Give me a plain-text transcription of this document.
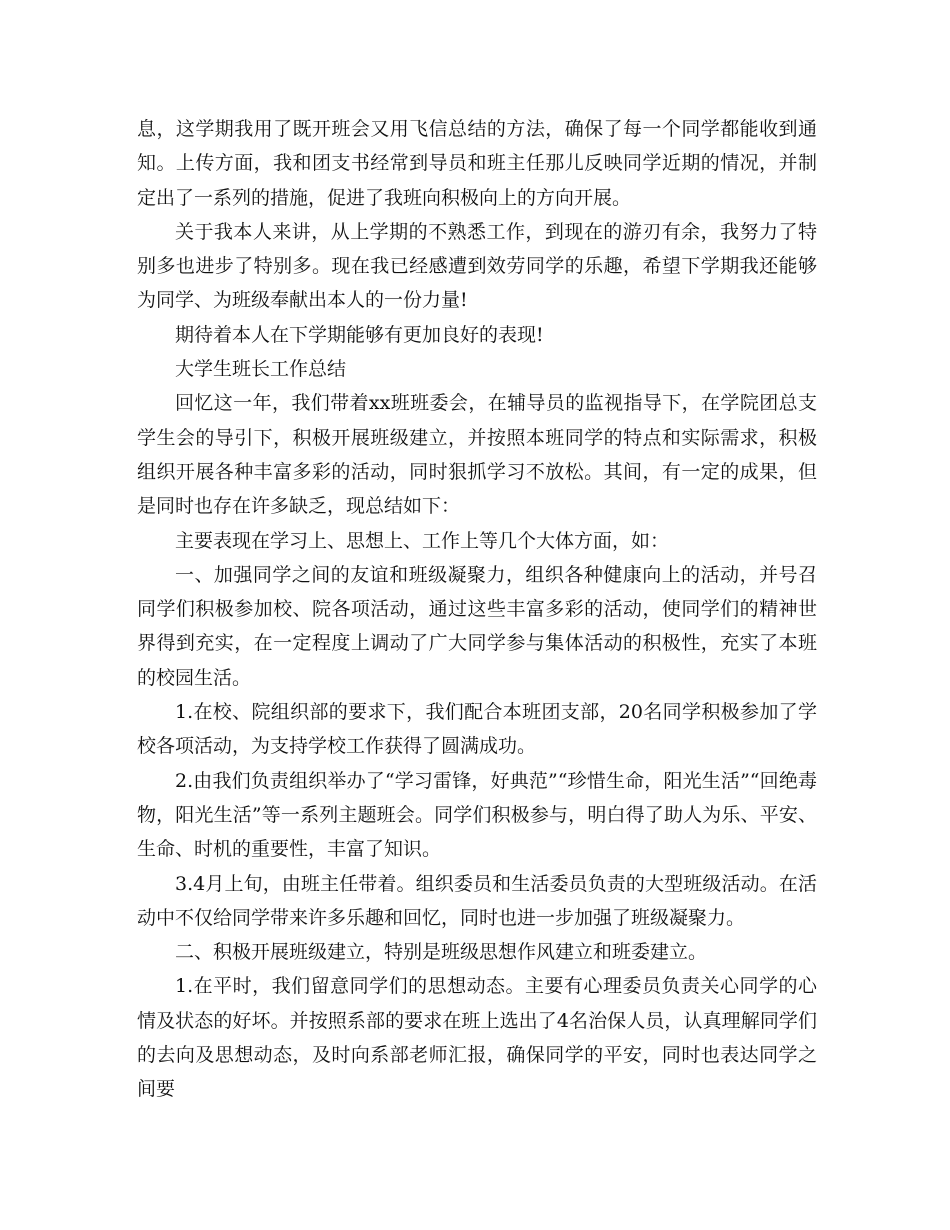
息，这学期我用了既开班会又用飞信总结的方法，确保了每一个同学都能收到通知。上传方面，我和团支书经常到导员和班主任那儿反映同学近期的情况，并制定出了一系列的措施，促进了我班向积极向上的方向开展。

关于我本人来讲，从上学期的不熟悉工作，到现在的游刃有余，我努力了特别多也进步了特别多。现在我已经感遭到效劳同学的乐趣，希望下学期我还能够为同学、为班级奉献出本人的一份力量!

期待着本人在下学期能够有更加良好的表现!

大学生班长工作总结

回忆这一年，我们带着xx班班委会，在辅导员的监视指导下，在学院团总支学生会的导引下，积极开展班级建立，并按照本班同学的特点和实际需求，积极组织开展各种丰富多彩的活动，同时狠抓学习不放松。其间，有一定的成果，但是同时也存在许多缺乏，现总结如下：

主要表现在学习上、思想上、工作上等几个大体方面，如：

一、加强同学之间的友谊和班级凝聚力，组织各种健康向上的活动，并号召同学们积极参加校、院各项活动，通过这些丰富多彩的活动，使同学们的精神世界得到充实，在一定程度上调动了广大同学参与集体活动的积极性，充实了本班的校园生活。

1.在校、院组织部的要求下，我们配合本班团支部，20名同学积极参加了学校各项活动，为支持学校工作获得了圆满成功。

2.由我们负责组织举办了“学习雷锋，好典范”“珍惜生命，阳光生活”“回绝毒物，阳光生活”等一系列主题班会。同学们积极参与，明白得了助人为乐、平安、生命、时机的重要性，丰富了知识。

3.4月上旬，由班主任带着。组织委员和生活委员负责的大型班级活动。在活动中不仅给同学带来许多乐趣和回忆，同时也进一步加强了班级凝聚力。

二、积极开展班级建立，特别是班级思想作风建立和班委建立。

1.在平时，我们留意同学们的思想动态。主要有心理委员负责关心同学的心情及状态的好坏。并按照系部的要求在班上选出了4名治保人员，认真理解同学们的去向及思想动态，及时向系部老师汇报，确保同学的平安，同时也表达同学之间要
